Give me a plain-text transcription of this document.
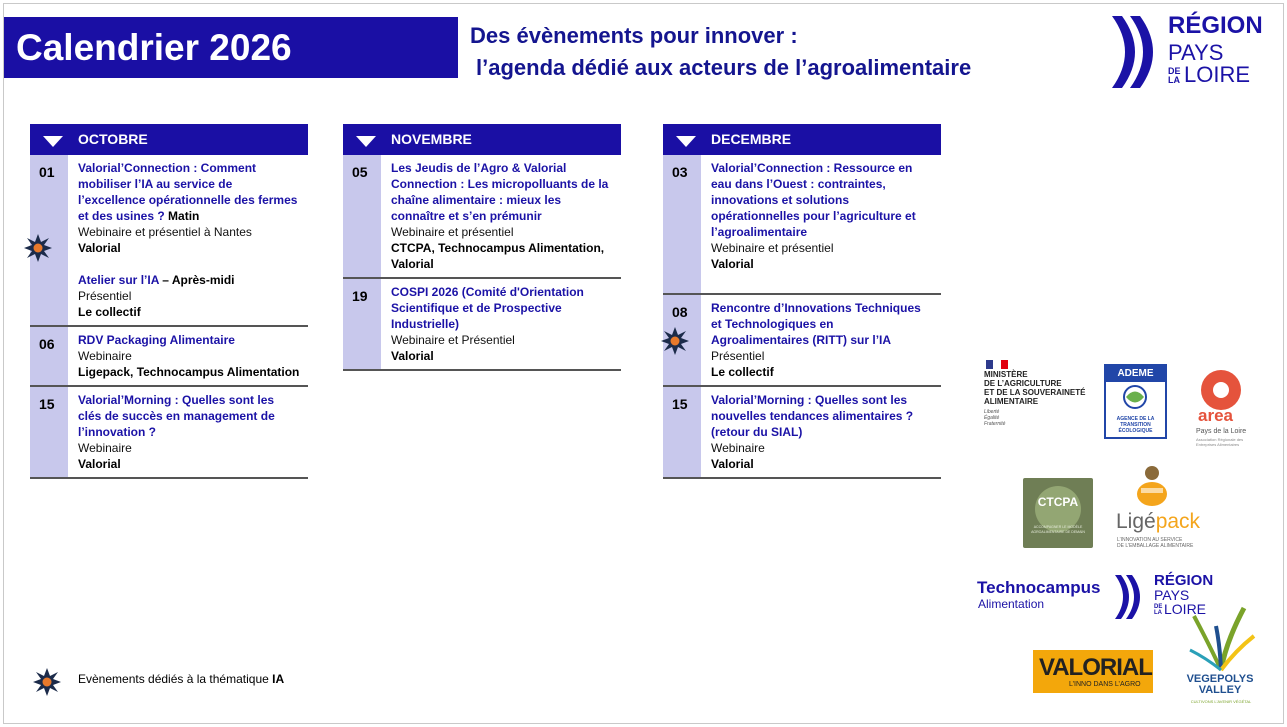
Calendrier 2026	Des évènements pour innover :
l’agenda dédié aux acteurs de l’agroalimentaire
RÉGION
PAYS
DE
LA LOIRE
OCTOBRE
01	Valorial’Connection : Comment mobiliser l’IA au service de l’excellence opérationnelle des fermes et des usines ? Matin
Webinaire et présentiel à Nantes
Valorial
Atelier sur l’IA – Après-midi
Présentiel
Le collectif
06	RDV Packaging Alimentaire
Webinaire
Ligepack, Technocampus Alimentation
15	Valorial’Morning : Quelles sont les clés de succès en management de l’innovation ?
Webinaire
Valorial
NOVEMBRE
05	Les Jeudis de l’Agro & Valorial Connection : Les micropolluants de la chaîne alimentaire : mieux les connaître et s’en prémunir
Webinaire et présentiel
CTCPA, Technocampus Alimentation, Valorial
19	COSPI 2026 (Comité d'Orientation Scientifique et de Prospective Industrielle)
Webinaire et Présentiel
Valorial
DECEMBRE
03	Valorial’Connection : Ressource en eau dans l’Ouest : contraintes, innovations et solutions opérationnelles pour l’agriculture et l’agroalimentaire
Webinaire et présentiel
Valorial
08	Rencontre d’Innovations Techniques et Technologiques en Agroalimentaires (RITT) sur l’IA
Présentiel
Le collectif
15	Valorial’Morning : Quelles sont les nouvelles tendances alimentaires ? (retour du SIAL)
Webinaire
Valorial
Evènements dédiés à la thématique IA
MINISTÈRE
DE L’AGRICULTURE
ET DE LA SOUVERAINETÉ
ALIMENTAIRE
Liberté
Égalité
Fraternité
ADEME
AGENCE DE LA
TRANSITION
ÉCOLOGIQUE
area
Pays de la Loire
Association Régionale des Entreprises Alimentaires
CTCPA
ACCOMPAGNER LE MODÈLE AGROALIMENTAIRE DE DEMAIN	Ligépack
L’INNOVATION AU SERVICE
DE L’EMBALLAGE ALIMENTAIRE
Technocampus
Alimentation
RÉGION
PAYS
DE
LA LOIRE
VALORIAL
L’INNO DANS L’AGRO	VEGEPOLYS
VALLEY
CULTIVONS L'AVENIR VÉGÉTAL
